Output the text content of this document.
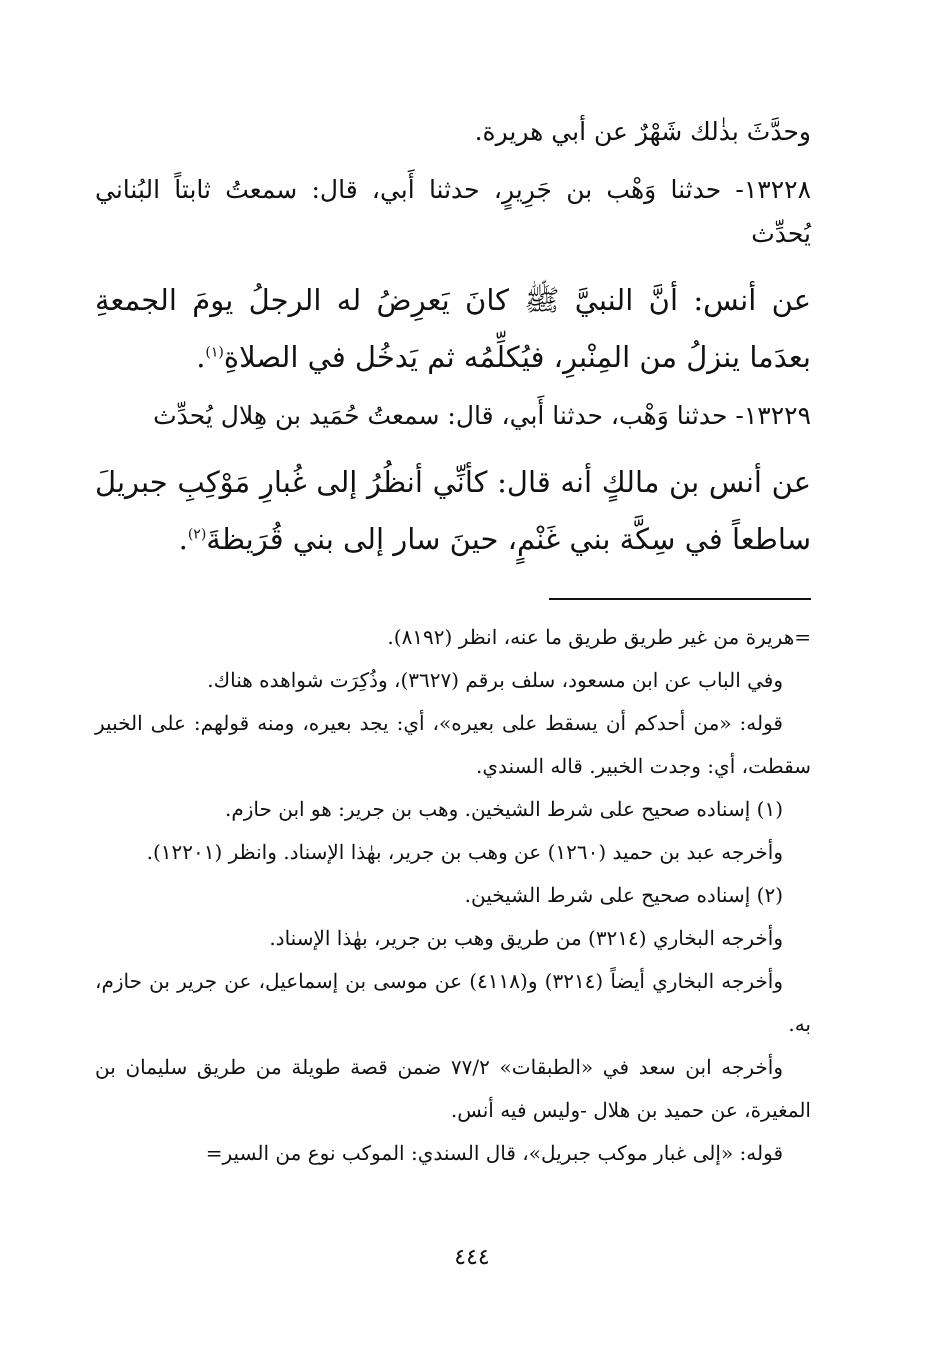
وحدَّثَ بذٰلك شَهْرٌ عن أبي هريرة.

١٣٢٢٨- حدثنا وَهْب بن جَرِيرٍ، حدثنا أَبي، قال: سمعتُ ثابتاً البُناني يُحدِّث

عن أنس: أنَّ النبيَّ ﷺ كانَ يَعرِضُ له الرجلُ يومَ الجمعةِ بعدَما ينزلُ من المِنْبرِ، فيُكلِّمُه ثم يَدخُل في الصلاةِ$^{(١)}$.

١٣٢٢٩- حدثنا وَهْب، حدثنا أَبي، قال: سمعتُ حُمَيد بن هِلال يُحدِّث

عن أنس بن مالكٍ أنه قال: كأنِّي أنظُرُ إلى غُبارِ مَوْكِبِ جبريلَ ساطعاً في سِكَّة بني غَنْمٍ، حينَ سار إلى بني قُرَيظةَ$^{(٢)}$.

=هريرة من غير طريق طريق ما عنه، انظر (٨١٩٢).

وفي الباب عن ابن مسعود، سلف برقم (٣٦٢٧)، وذُكِرَت شواهده هناك.

قوله: «من أحدكم أن يسقط على بعيره»، أي: يجد بعيره، ومنه قولهم: على الخبير سقطت، أي: وجدت الخبير. قاله السندي.

(١) إسناده صحيح على شرط الشيخين. وهب بن جرير: هو ابن حازم.

وأخرجه عبد بن حميد (١٢٦٠) عن وهب بن جرير، بهٰذا الإسناد. وانظر (١٢٢٠١).

(٢) إسناده صحيح على شرط الشيخين.

وأخرجه البخاري (٣٢١٤) من طريق وهب بن جرير، بهٰذا الإسناد.

وأخرجه البخاري أيضاً (٣٢١٤) و(٤١١٨) عن موسى بن إسماعيل، عن جرير بن حازم، به.

وأخرجه ابن سعد في «الطبقات» ٧٧/٢ ضمن قصة طويلة من طريق سليمان بن المغيرة، عن حميد بن هلال -وليس فيه أنس.

قوله: «إلى غبار موكب جبريل»، قال السندي: الموكب نوع من السير=

٤٤٤
